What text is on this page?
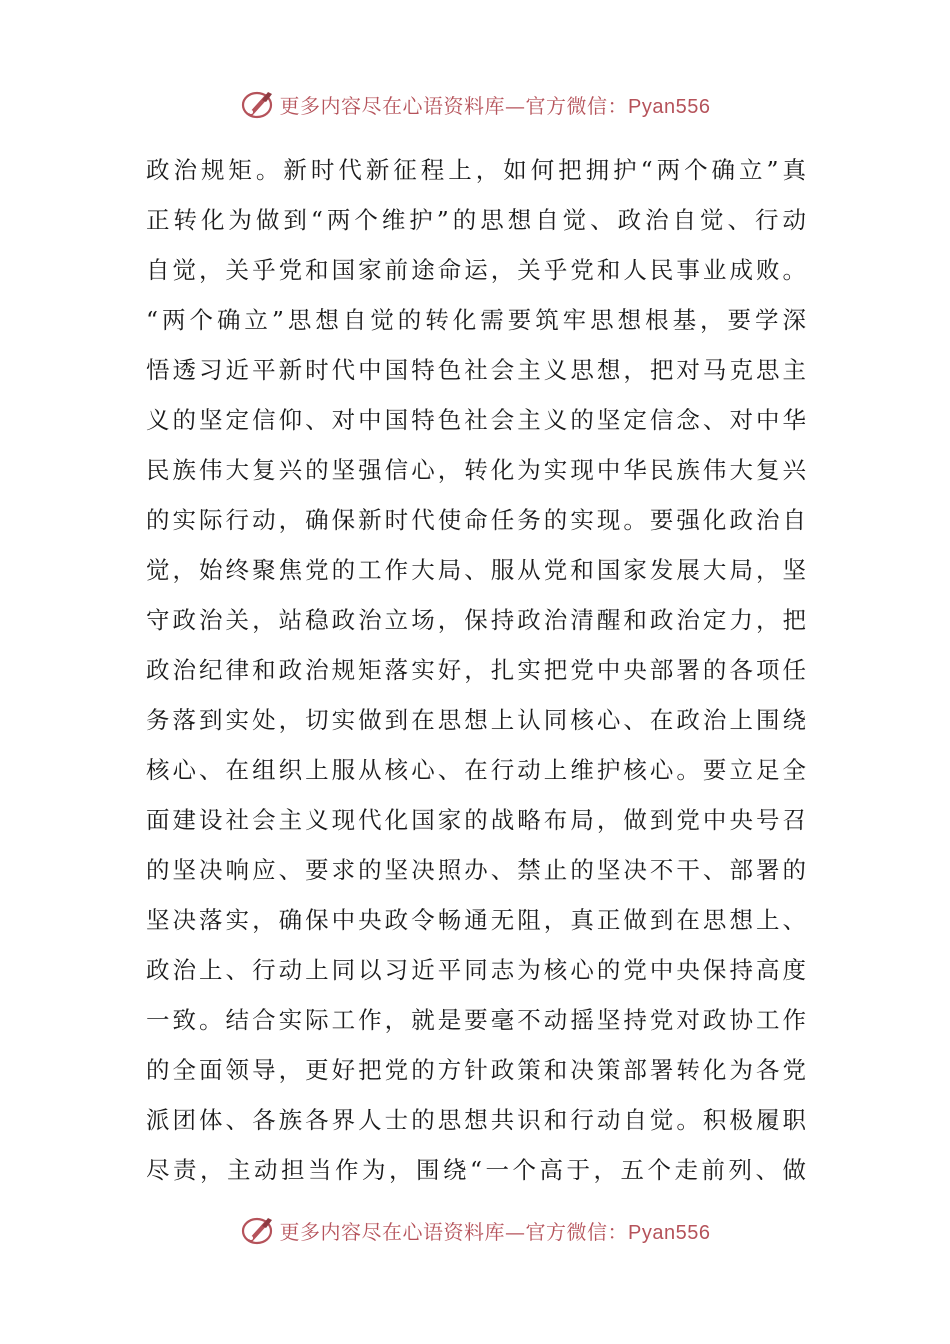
更多内容尽在心语资料库—官方微信：Pyan556
政治规矩。新时代新征程上，如何把拥护“两个确立”真
正转化为做到“两个维护”的思想自觉、政治自觉、行动
自觉，关乎党和国家前途命运，关乎党和人民事业成败。
“两个确立”思想自觉的转化需要筑牢思想根基，要学深
悟透习近平新时代中国特色社会主义思想，把对马克思主
义的坚定信仰、对中国特色社会主义的坚定信念、对中华
民族伟大复兴的坚强信心，转化为实现中华民族伟大复兴
的实际行动，确保新时代使命任务的实现。要强化政治自
觉，始终聚焦党的工作大局、服从党和国家发展大局，坚
守政治关，站稳政治立场，保持政治清醒和政治定力，把
政治纪律和政治规矩落实好，扎实把党中央部署的各项任
务落到实处，切实做到在思想上认同核心、在政治上围绕
核心、在组织上服从核心、在行动上维护核心。要立足全
面建设社会主义现代化国家的战略布局，做到党中央号召
的坚决响应、要求的坚决照办、禁止的坚决不干、部署的
坚决落实，确保中央政令畅通无阻，真正做到在思想上、
政治上、行动上同以习近平同志为核心的党中央保持高度
一致。结合实际工作，就是要毫不动摇坚持党对政协工作
的全面领导，更好把党的方针政策和决策部署转化为各党
派团体、各族各界人士的思想共识和行动自觉。积极履职
尽责，主动担当作为，围绕“一个高于，五个走前列、做
更多内容尽在心语资料库—官方微信：Pyan556
